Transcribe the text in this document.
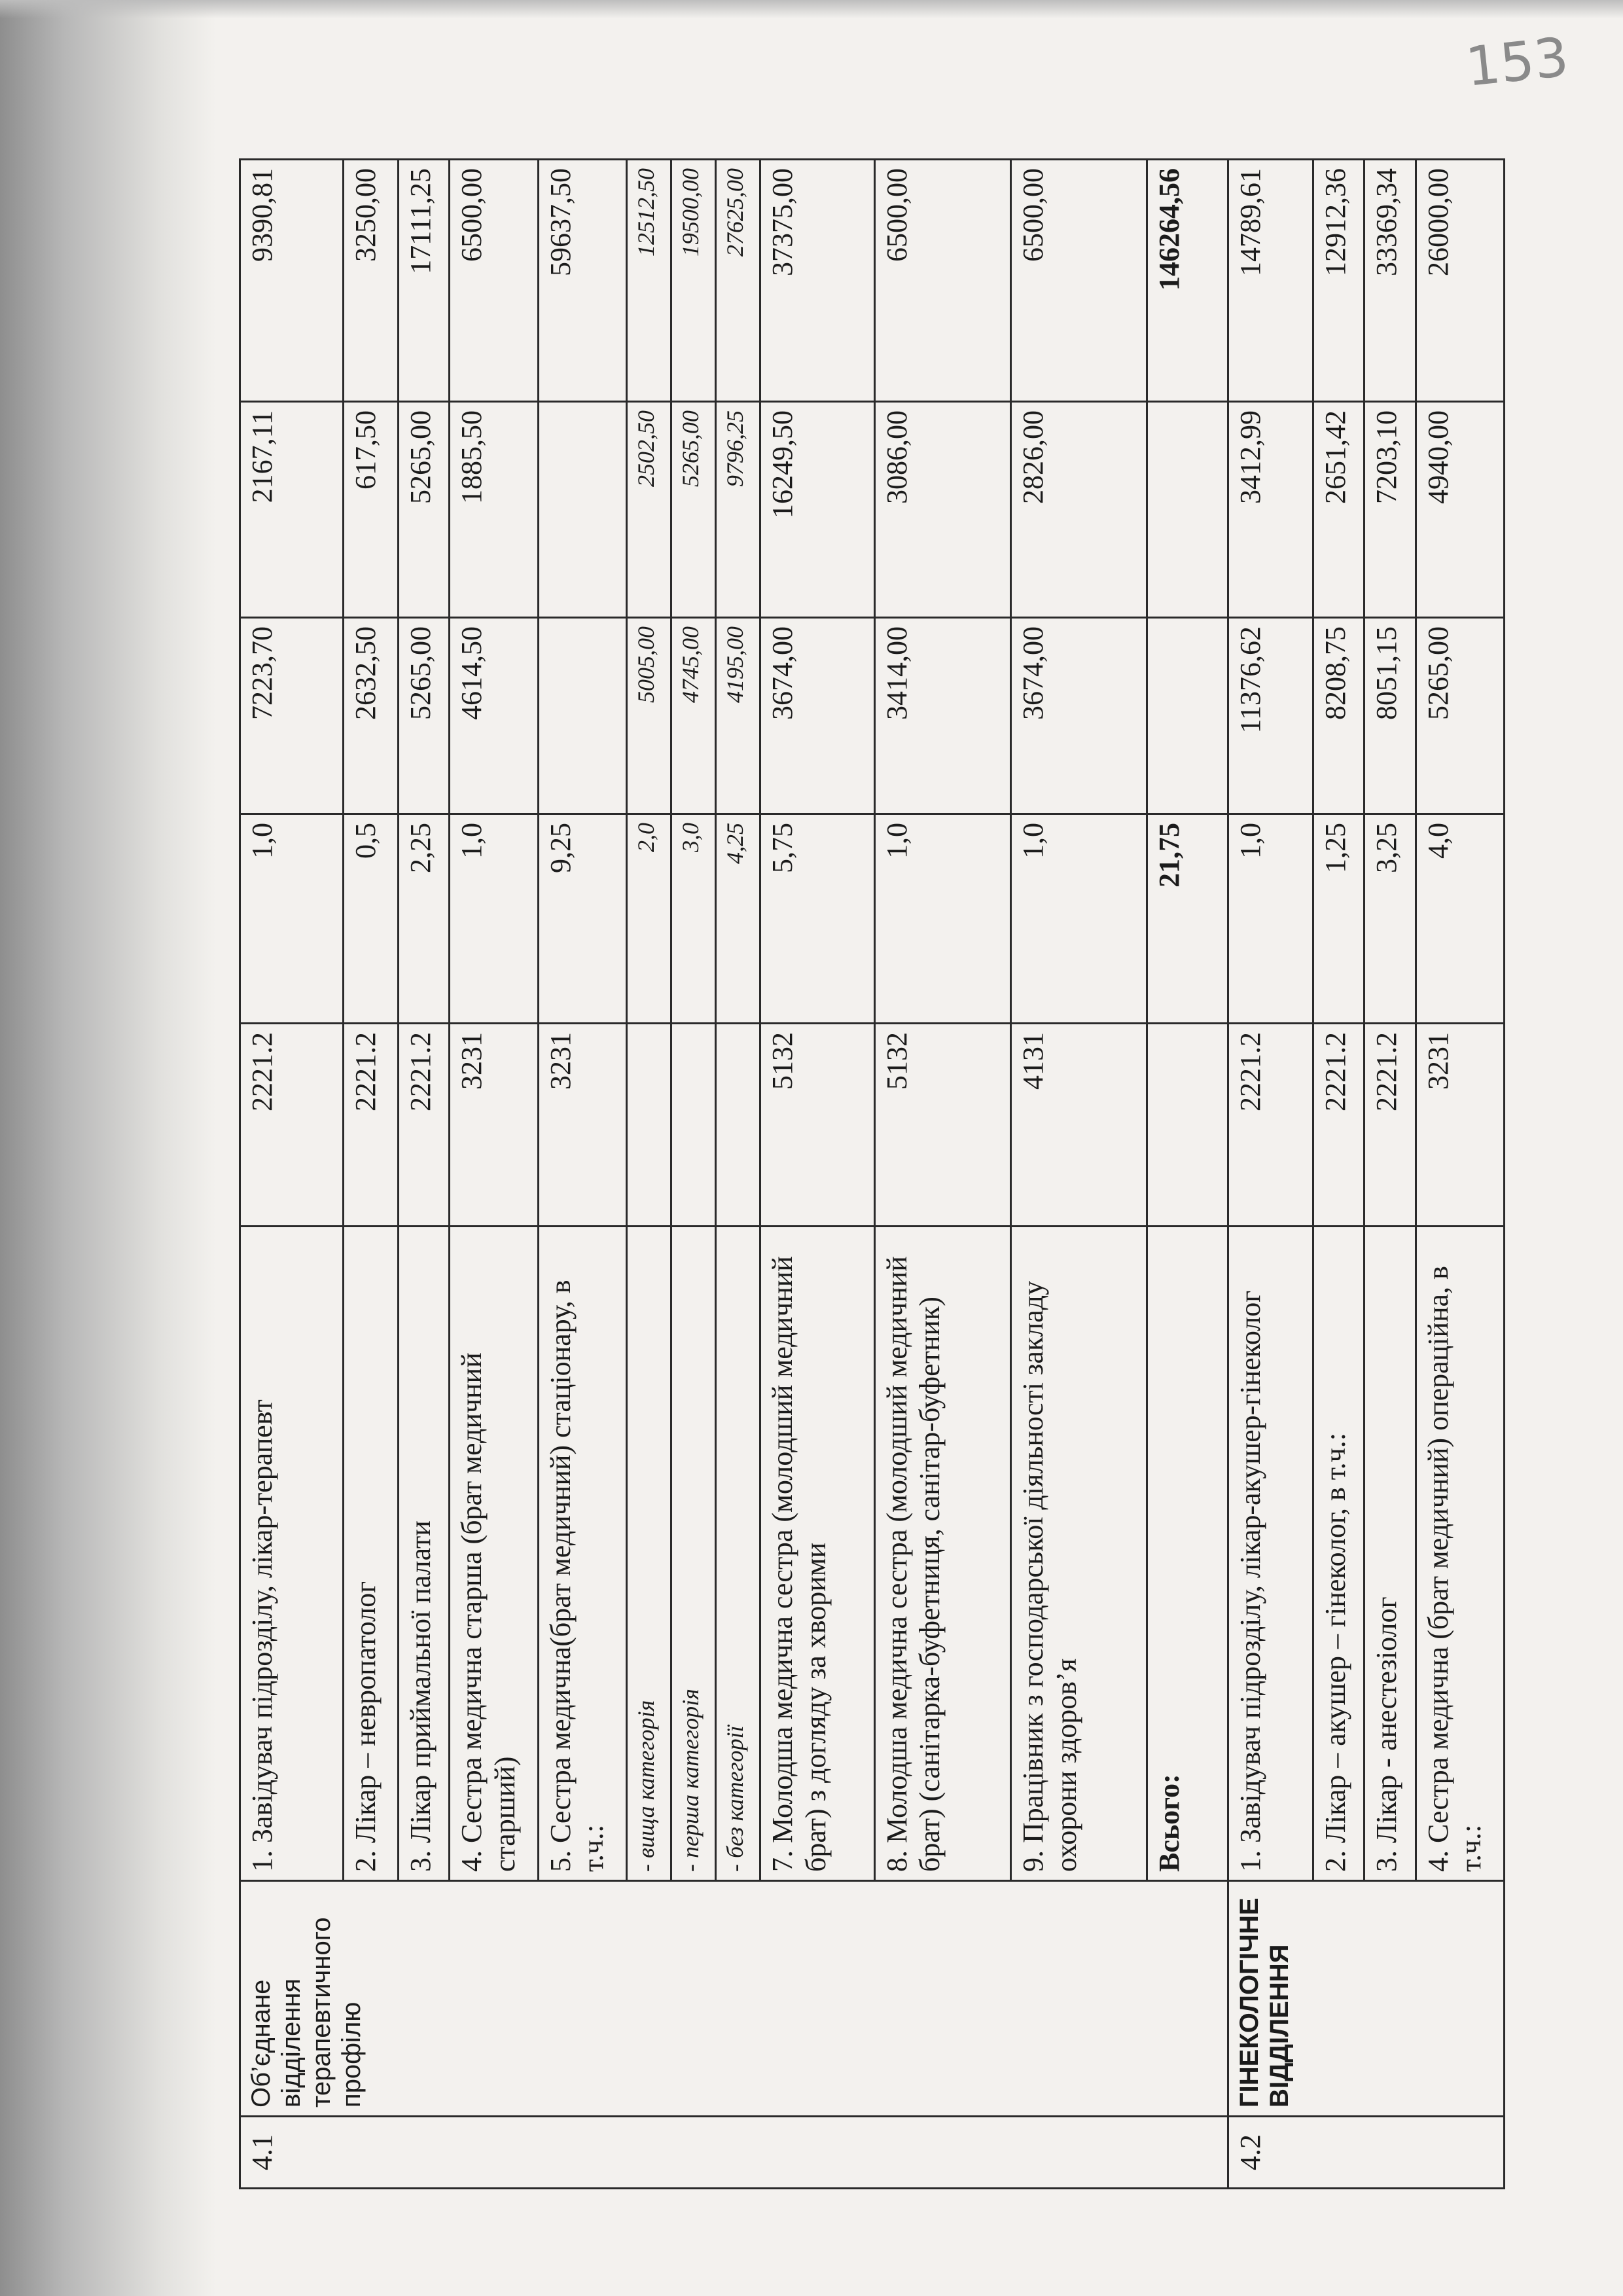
153
4.1	Об’єднане відділення терапевтичного профілю	1. Завідувач підрозділу, лікар-терапевт	2221.2	1,0	7223,70	2167,11	9390,81
		2. Лікар – невропатолог	2221.2	0,5	2632,50	617,50	3250,00
		3. Лікар приймальної палати	2221.2	2,25	5265,00	5265,00	17111,25
		4. Сестра медична старша (брат медичний старший)	3231	1,0	4614,50	1885,50	6500,00
		5. Сестра медична(брат медичний) стаціонару, в т.ч.:	3231	9,25			59637,50
		- вища категорія		2,0	5005,00	2502,50	12512,50
		- перша категорія		3,0	4745,00	5265,00	19500,00
		- без категорії		4,25	4195,00	9796,25	27625,00
		7. Молодша медична сестра (молодший медичний брат) з догляду за хворими	5132	5,75	3674,00	16249,50	37375,00
		8. Молодша медична сестра (молодший медичний брат) (санітарка-буфетниця, санітар-буфетник)	5132	1,0	3414,00	3086,00	6500,00
		9. Працівник з господарської діяльності закладу охорони здоров’я	4131	1,0	3674,00	2826,00	6500,00
		Всього:		21,75			146264,56
4.2	ГІНЕКОЛОГІЧНЕ ВІДДІЛЕННЯ	1. Завідувач підрозділу, лікар-акушер-гінеколог	2221.2	1,0	11376,62	3412,99	14789,61
		2. Лікар – акушер – гінеколог, в т.ч.:	2221.2	1,25	8208,75	2651,42	12912,36
		3. Лікар - анестезіолог	2221.2	3,25	8051,15	7203,10	33369,34
		4. Сестра медична (брат медичний) операційна, в т.ч.:	3231	4,0	5265,00	4940,00	26000,00
